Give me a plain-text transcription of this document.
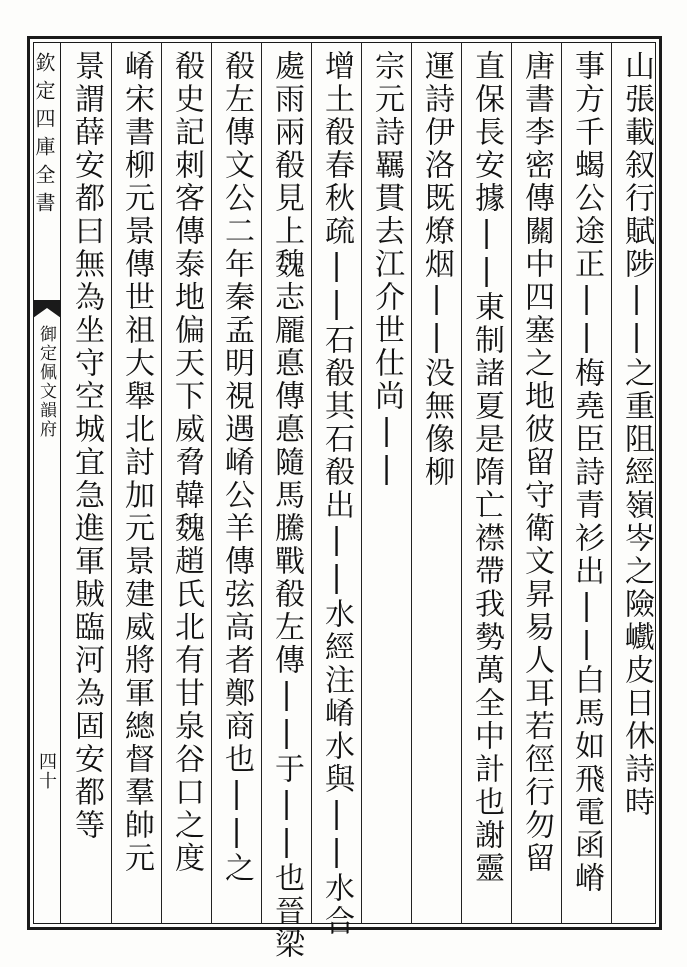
欽定四庫全書
御定佩文韻府
四十	山張載叙行賦陟||之重阻經嶺岑之險巇皮日休詩時
事方千蝎公途正||梅堯臣詩青衫出||白馬如飛電函嵴
唐書李密傳關中四塞之地彼留守衛文昇易人耳若徑行勿留
直保長安據||東制諸夏是隋亡襟帶我勢萬全中計也謝靈
運詩伊洛既燎烟||没無像柳
宗元詩羈貫去江介世仕尚||
增土殽春秋疏||石殽其石殽出||水經注崤水與||水合
處雨兩殽見上魏志龎悳傳悳隨馬騰戰殽左傳||于||也晉梁
殽左傳文公二年秦孟明視遇崤公羊傳弦高者鄭商也||之
殽史記刺客傳泰地偏天下威脅韓魏趙氏北有甘泉谷口之度
崤宋書柳元景傳世祖大舉北討加元景建威將軍總督羣帥元
景謂薛安都曰無為坐守空城宜急進軍賊臨河為固安都等
